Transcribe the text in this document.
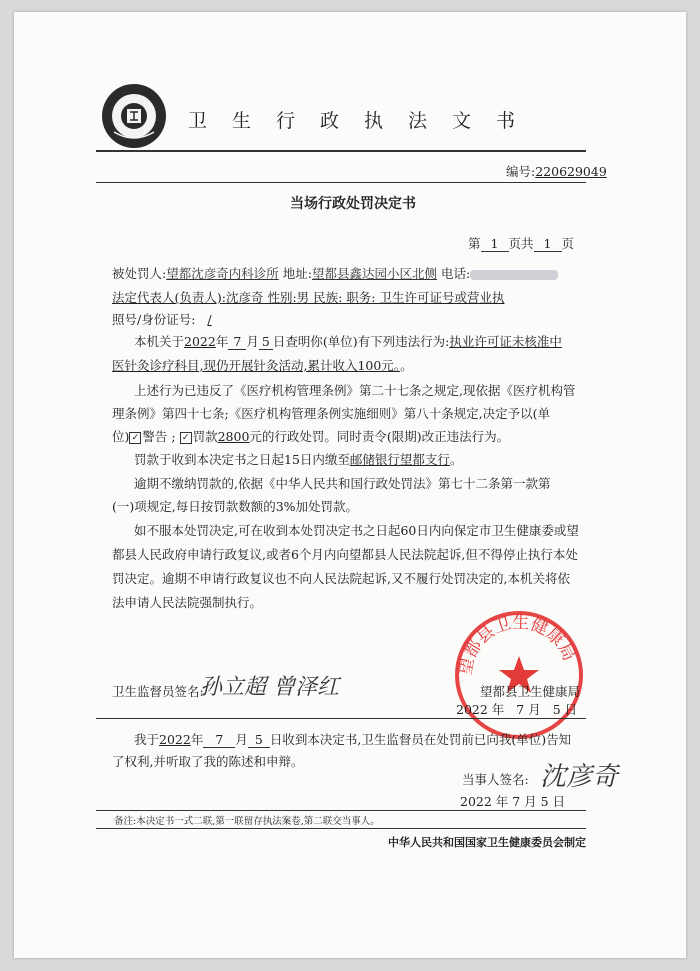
卫生行政执法文书
编号:220629049
当场行政处罚决定书
第 1 页共 1 页
被处罚人:望都沈彦奇内科诊所 地址:望都县鑫达园小区北侧 电话:
法定代表人(负责人):沈彦奇 性别:男 民族: 职务: 卫生许可证号或营业执
照号/身份证号: /
本机关于2022年 7 月 5 日查明你(单位)有下列违法行为:执业许可证未核准中
医针灸诊疗科目,现仍开展针灸活动,累计收入100元。。
上述行为已违反了《医疗机构管理条例》第二十七条之规定,现依据《医疗机构管
理条例》第四十七条;《医疗机构管理条例实施细则》第八十条规定,决定予以(单
位) ✓ 警告 ; ✓ 罚款2800元的行政处罚。同时责令(限期)改正违法行为。
罚款于收到本决定书之日起15日内缴至邮储银行望都支行。
逾期不缴纳罚款的,依据《中华人民共和国行政处罚法》第七十二条第一款第
(一)项规定,每日按罚款数额的3%加处罚款。
如不服本处罚决定,可在收到本处罚决定书之日起60日内向保定市卫生健康委或望
都县人民政府申请行政复议,或者6个月内向望都县人民法院起诉,但不得停止执行本处
罚决定。逾期不申请行政复议也不向人民法院起诉,又不履行处罚决定的,本机关将依
法申请人民法院强制执行。
望都县卫生健康局
卫生监督员签名:
孙立超 曾泽红	望都县卫生健康局
2022 年 7 月 5 日
我于2022年 7 月 5 日收到本决定书,卫生监督员在处罚前已向我(单位)告知
了权利,并听取了我的陈述和申辩。
当事人签名: 沈彦奇
2022 年 7 月 5 日
备注:本决定书一式二联,第一联留存执法案卷,第二联交当事人。
中华人民共和国国家卫生健康委员会制定
